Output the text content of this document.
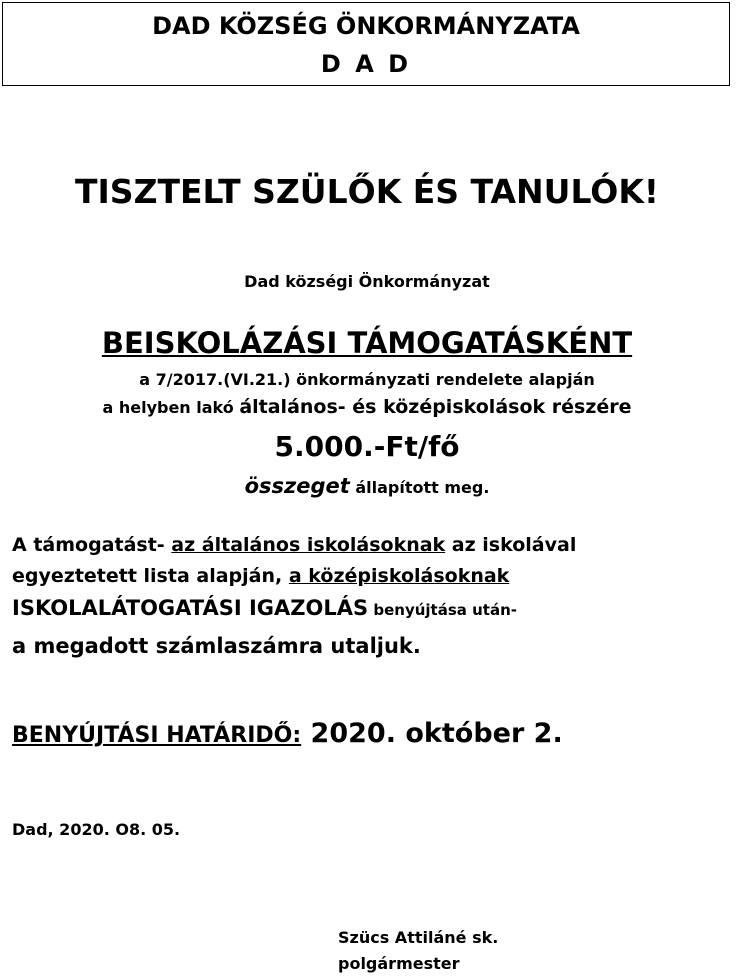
DAD KÖZSÉG ÖNKORMÁNYZATA
D A D
TISZTELT SZÜLŐK ÉS TANULÓK!
Dad községi Önkormányzat
BEISKOLÁZÁSI TÁMOGATÁSKÉNT
a 7/2017.(VI.21.) önkormányzati rendelete alapján
a helyben lakó általános- és középiskolások részére
5.000.-Ft/fő
összeget állapított meg.
A támogatást- az általános iskolásoknak az iskolával
egyeztetett lista alapján, a középiskolásoknak
ISKOLALÁTOGATÁSI IGAZOLÁS benyújtása után-
a megadott számlaszámra utaljuk.
BENYÚJTÁSI HATÁRIDŐ: 2020. október 2.
Dad, 2020. O8. 05.
Szücs Attiláné sk.
polgármester
